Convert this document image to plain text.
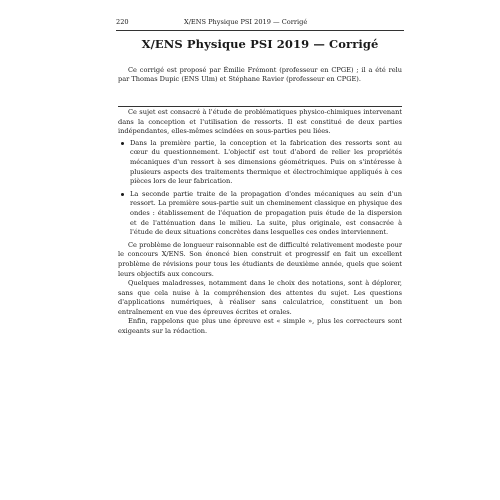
220	X/ENS Physique PSI 2019 — Corrigé
X/ENS Physique PSI 2019 — Corrigé
Ce corrigé est proposé par Émilie Frémont (professeur en CPGE) ; il a été relu par Thomas Dupic (ENS Ulm) et Stéphane Ravier (professeur en CPGE).

Ce sujet est consacré à l'étude de problématiques physico-chimiques intervenant dans la conception et l'utilisation de ressorts. Il est constitué de deux parties indépendantes, elles-mêmes scindées en sous-parties peu liées.

Dans la première partie, la conception et la fabrication des ressorts sont au cœur du questionnement. L'objectif est tout d'abord de relier les propriétés mécaniques d'un ressort à ses dimensions géométriques. Puis on s'intéresse à plusieurs aspects des traitements thermique et électrochimique appliqués à ces pièces lors de leur fabrication.
La seconde partie traite de la propagation d'ondes mécaniques au sein d'un ressort. La première sous-partie suit un cheminement classique en physique des ondes : établissement de l'équation de propagation puis étude de la dispersion et de l'atténuation dans le milieu. La suite, plus originale, est consacrée à l'étude de deux situations concrètes dans lesquelles ces ondes interviennent.

Ce problème de longueur raisonnable est de difficulté relativement modeste pour le concours X/ENS. Son énoncé bien construit et progressif en fait un excellent problème de révisions pour tous les étudiants de deuxième année, quels que soient leurs objectifs aux concours.

Quelques maladresses, notamment dans le choix des notations, sont à déplorer, sans que cela nuise à la compréhension des attentes du sujet. Les questions d'applications numériques, à réaliser sans calculatrice, constituent un bon entraînement en vue des épreuves écrites et orales.

Enfin, rappelons que plus une épreuve est « simple », plus les correcteurs sont exigeants sur la rédaction.
